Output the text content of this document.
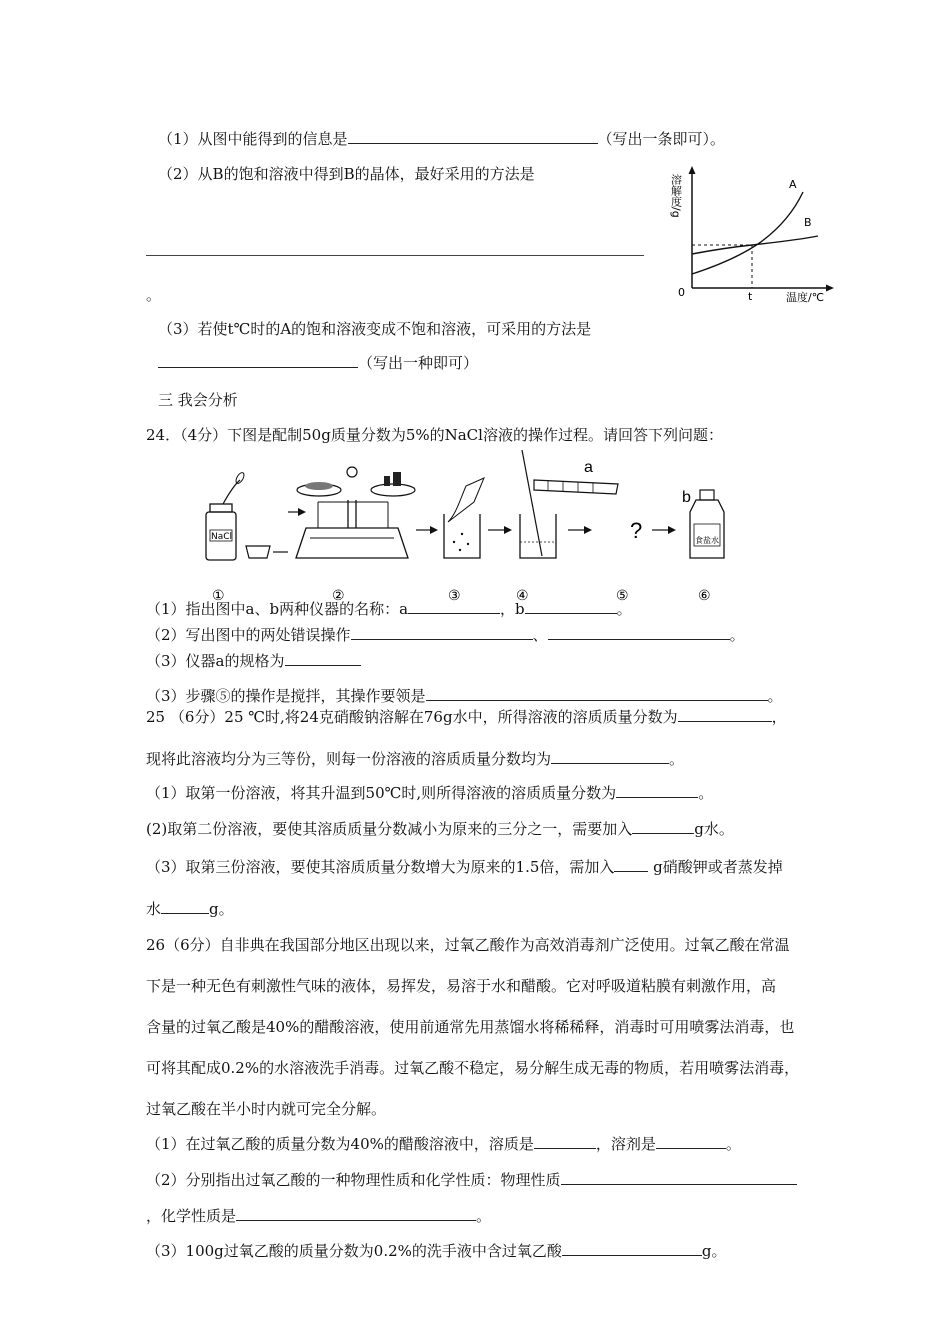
（1）从图中能得到的信息是	（写出一条即可）。
（2）从B的饱和溶液中得到B的晶体，最好采用的方法是
。
溶解度/g
0	t	温度/℃
A
B
（3）若使t℃时的A的饱和溶液变成不饱和溶液，可采用的方法是
（写出一种即可）
三 我会分析
24．（4分）下图是配制50g质量分数为5%的NaCl溶液的操作过程。请回答下列问题：
NaCl
a
?	食盐水
b
①	②	③	④	⑤	⑥
（1）指出图中a、b两种仪器的名称：a	，b	。
（2）写出图中的两处错误操作	、	。
（3）仪器a的规格为
（3）步骤⑤的操作是搅拌，其操作要领是	。
25 （6分）25 ℃时,将24克硝酸钠溶解在76g水中，所得溶液的溶质质量分数为	，
现将此溶液均分为三等份，则每一份溶液的溶质质量分数均为	。
（1）取第一份溶液，将其升温到50℃时,则所得溶液的溶质质量分数为	。
(2)取第二份溶液，要使其溶质质量分数减小为原来的三分之一，需要加入	g水。
（3）取第三份溶液，要使其溶质质量分数增大为原来的1.5倍，需加入 g硝酸钾或者蒸发掉
水	g。
26（6分）自非典在我国部分地区出现以来，过氧乙酸作为高效消毒剂广泛使用。过氧乙酸在常温
下是一种无色有刺激性气味的液体，易挥发，易溶于水和醋酸。它对呼吸道粘膜有刺激作用，高
含量的过氧乙酸是40%的醋酸溶液，使用前通常先用蒸馏水将稀稀释，消毒时可用喷雾法消毒，也
可将其配成0.2%的水溶液洗手消毒。过氧乙酸不稳定，易分解生成无毒的物质，若用喷雾法消毒，
过氧乙酸在半小时内就可完全分解。
（1）在过氧乙酸的质量分数为40%的醋酸溶液中，溶质是	，溶剂是	。
（2）分别指出过氧乙酸的一种物理性质和化学性质：物理性质
，化学性质是	。
（3）100g过氧乙酸的质量分数为0.2%的洗手液中含过氧乙酸	g。
